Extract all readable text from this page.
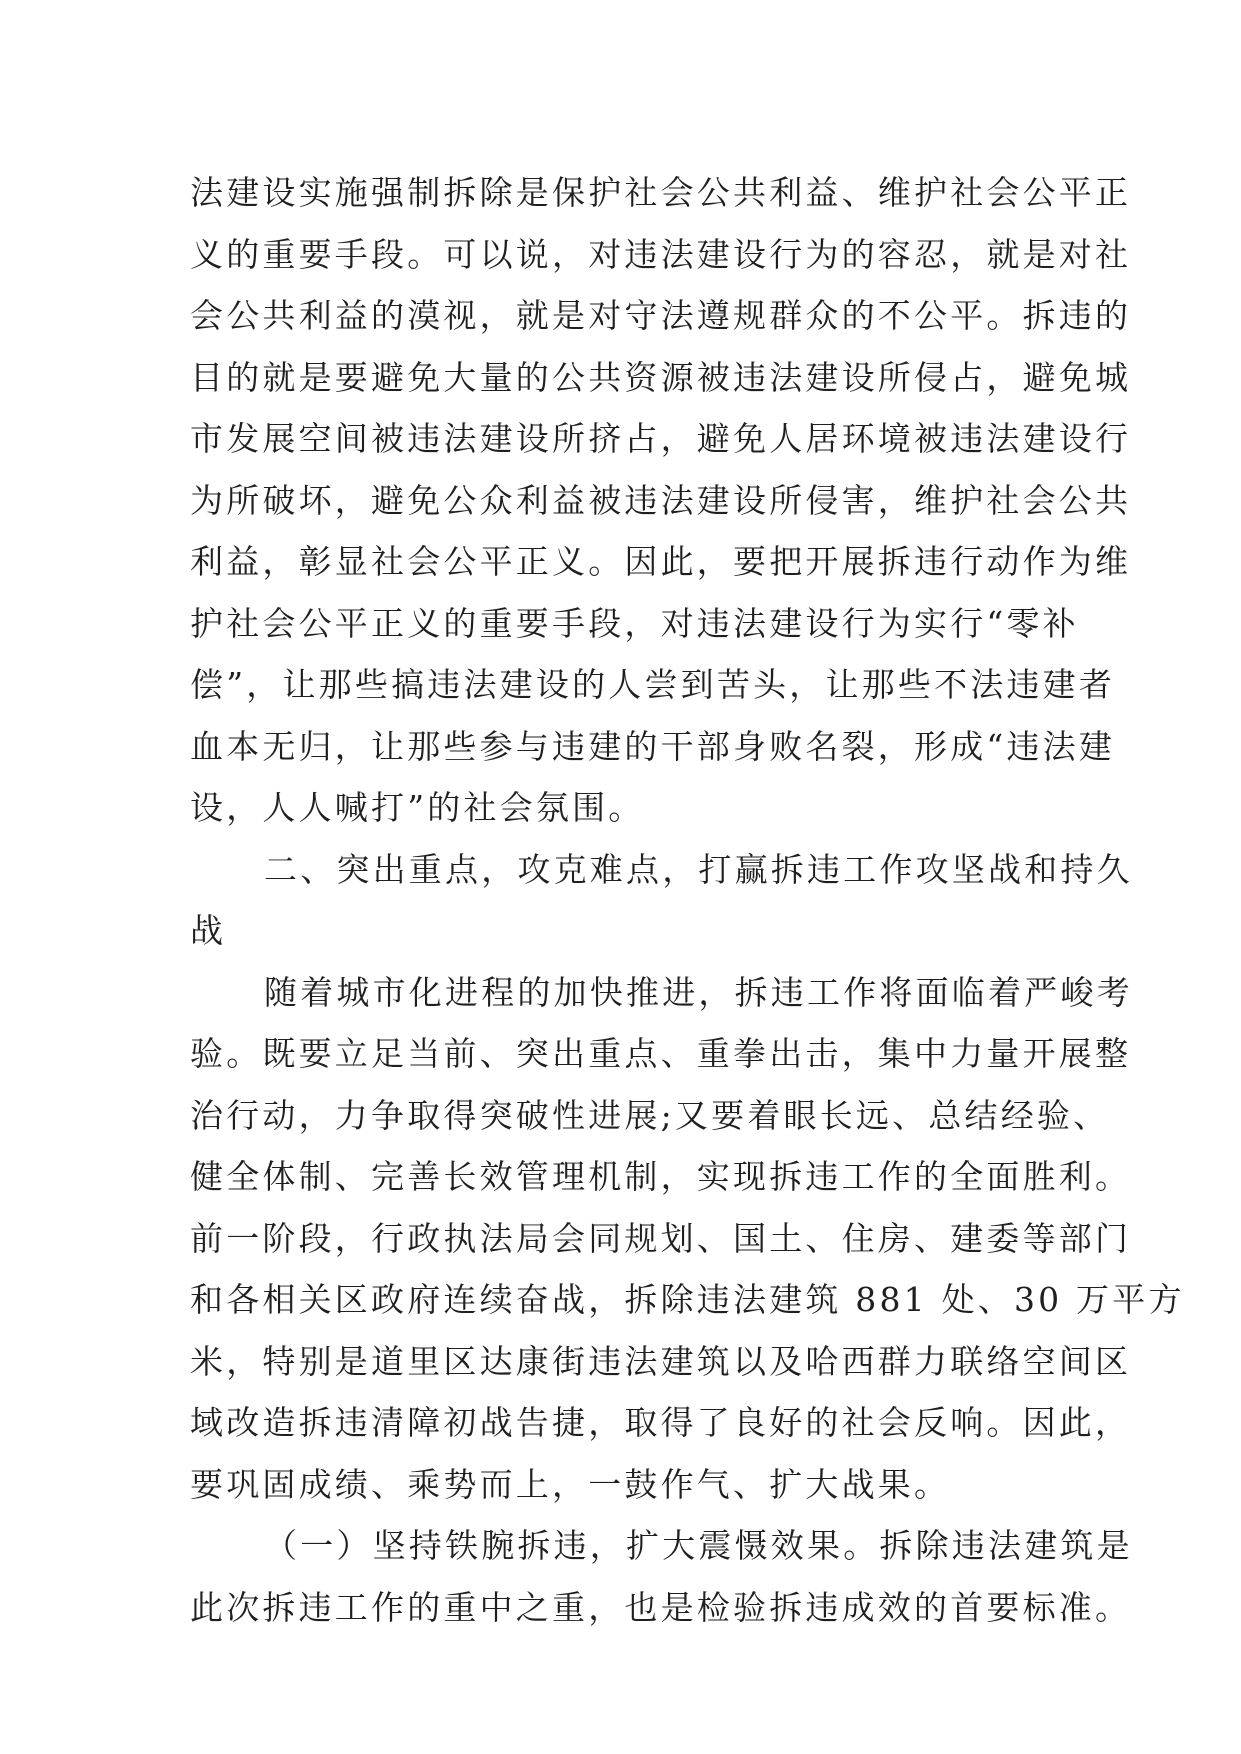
法建设实施强制拆除是保护社会公共利益、维护社会公平正
义的重要手段。可以说，对违法建设行为的容忍，就是对社
会公共利益的漠视，就是对守法遵规群众的不公平。拆违的
目的就是要避免大量的公共资源被违法建设所侵占，避免城
市发展空间被违法建设所挤占，避免人居环境被违法建设行
为所破坏，避免公众利益被违法建设所侵害，维护社会公共
利益，彰显社会公平正义。因此，要把开展拆违行动作为维
护社会公平正义的重要手段，对违法建设行为实行“零补
偿”，让那些搞违法建设的人尝到苦头，让那些不法违建者
血本无归，让那些参与违建的干部身败名裂，形成“违法建
设，人人喊打”的社会氛围。
二、突出重点，攻克难点，打赢拆违工作攻坚战和持久
战
随着城市化进程的加快推进，拆违工作将面临着严峻考
验。既要立足当前、突出重点、重拳出击，集中力量开展整
治行动，力争取得突破性进展;又要着眼长远、总结经验、
健全体制、完善长效管理机制，实现拆违工作的全面胜利。
前一阶段，行政执法局会同规划、国土、住房、建委等部门
和各相关区政府连续奋战，拆除违法建筑 881 处、30 万平方
米，特别是道里区达康街违法建筑以及哈西群力联络空间区
域改造拆违清障初战告捷，取得了良好的社会反响。因此，
要巩固成绩、乘势而上，一鼓作气、扩大战果。
（一）坚持铁腕拆违，扩大震慑效果。拆除违法建筑是
此次拆违工作的重中之重，也是检验拆违成效的首要标准。
